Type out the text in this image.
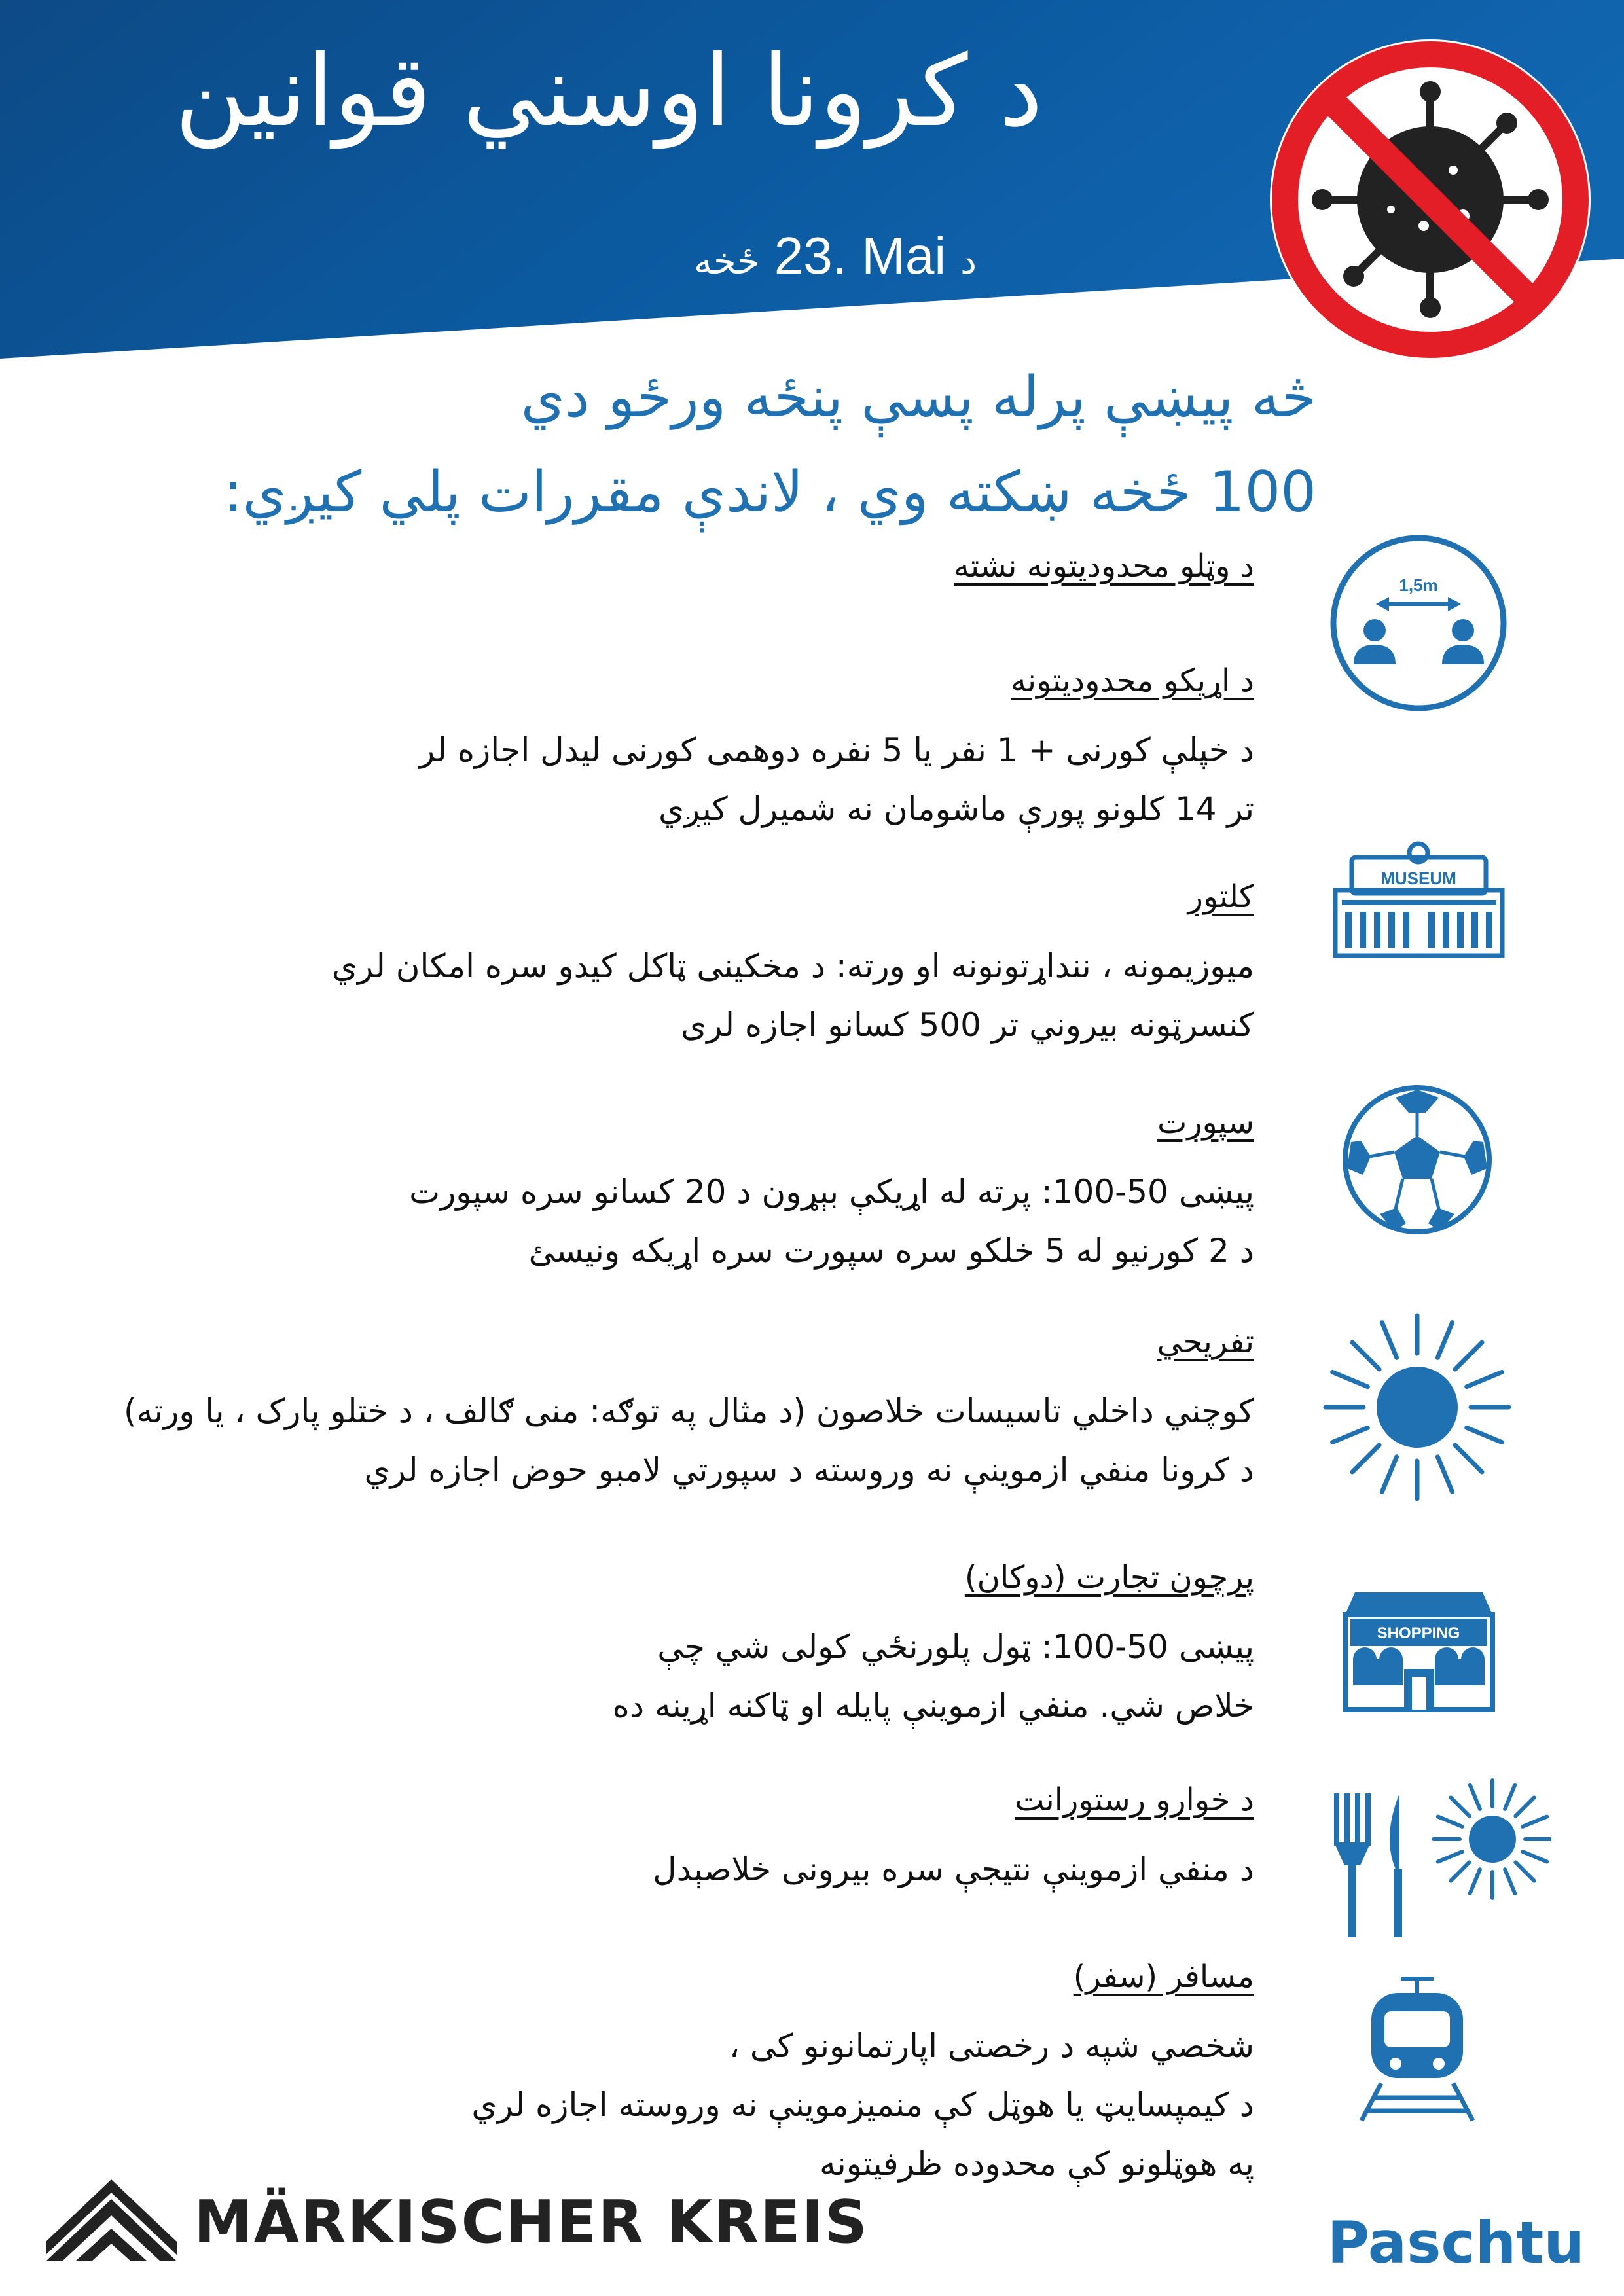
د کرونا اوسني قوانين
ځخه 23. Mai د
څه پيښې پرله پسې پنځه ورځو دي
100 ځخه ښکته وي ، لاندې مقررات پلي کيږي:
د وټلو محدوديتونه نشته
د اړيکو محدوديتونه
د خپلې کورنی + 1 نفر يا 5 نفره دوهمی کورنی ليدل اجازه لر
تر 14 کلونو پورې ماشومان نه شميرل کيږي
کلتور
ميوزيمونه ، ننداړتونونه او ورته: د مخکينی ټاکل کيدو سره امکان لري
کنسرټونه بيروني تر 500 کسانو اجازه لری
سپورت
پيښی 50-100: پرته له اړيکې بېړون د 20 کسانو سره سپورت
د 2 کورنيو له 5 خلکو سره سپورت سره اړيکه ونيسئ
تفريحي
کوچني داخلي تاسيسات خلاصون (د مثال په توګه: منی ګالف ، د ختلو پارک ، يا ورته)
د کرونا منفي ازموينې نه وروسته د سپورتي لامبو حوض اجازه لري
پرچون تجارت (دوکان)
پيښی 50-100: ټول پلورنځي کولی شي چې
خلاص شي. منفي ازموينې پايله او ټاکنه اړينه ده
د خوارو رستورانت
د منفي ازموينې نتيجې سره بيرونی خلاصېدل
مسافر (سفر)
شخصي شپه د رخصتی اپارتمانونو کی ،
د کيمپسايټ يا هوټل کې منميزموينې نه وروسته اجازه لري
په هوټلونو کې محدوده ظرفيتونه
1,5m
MUSEUM
SHOPPING
MÄRKISCHER KREIS	Paschtu
